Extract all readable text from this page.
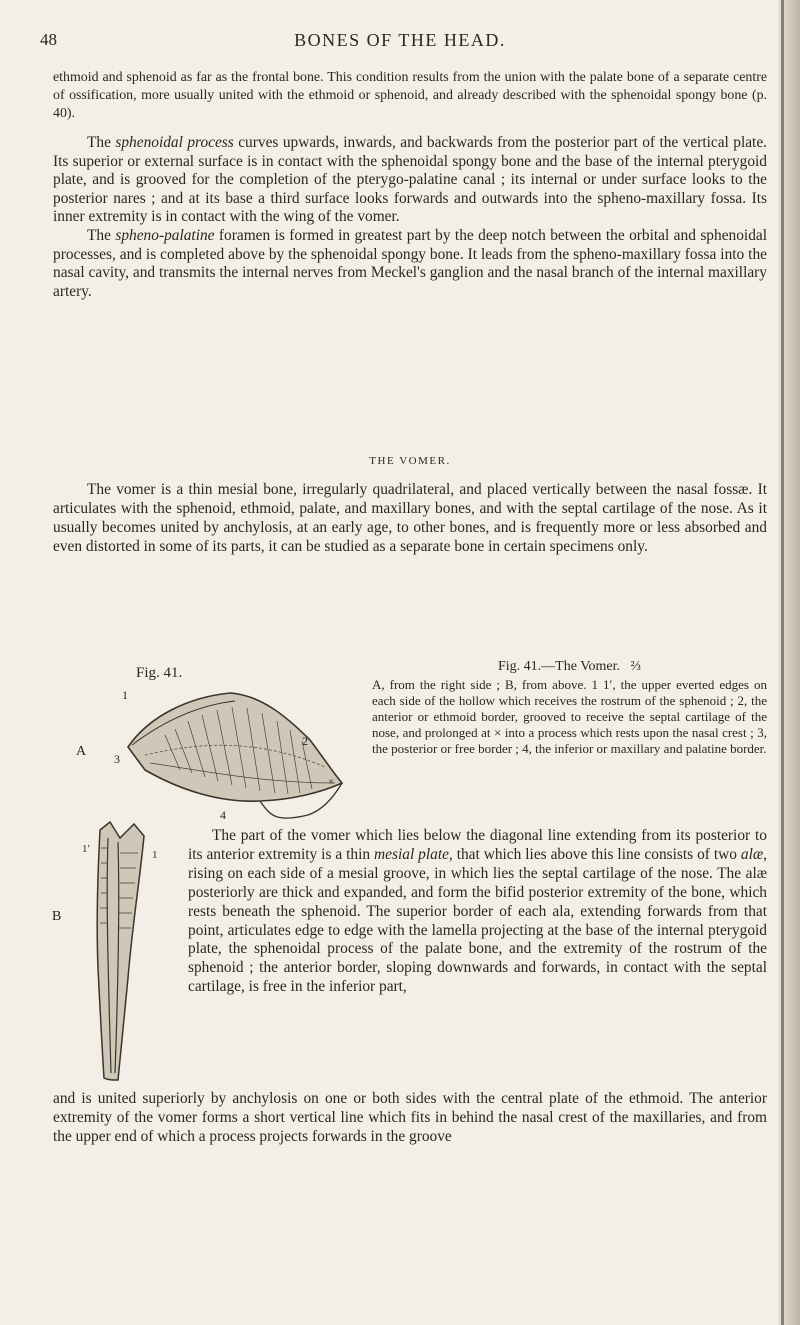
48	BONES OF THE HEAD.

ethmoid and sphenoid as far as the frontal bone. This condition results from the union with the palate bone of a separate centre of ossification, more usually united with the ethmoid or sphenoid, and already described with the sphenoidal spongy bone (p. 40).

The sphenoidal process curves upwards, inwards, and backwards from the posterior part of the vertical plate. Its superior or external surface is in contact with the sphenoidal spongy bone and the base of the internal pterygoid plate, and is grooved for the completion of the pterygo-palatine canal ; its internal or under surface looks to the posterior nares ; and at its base a third surface looks forwards and outwards into the spheno-maxillary fossa. Its inner extremity is in contact with the wing of the vomer.

The spheno-palatine foramen is formed in greatest part by the deep notch between the orbital and sphenoidal processes, and is completed above by the sphenoidal spongy bone. It leads from the spheno-maxillary fossa into the nasal cavity, and transmits the internal nerves from Meckel's ganglion and the nasal branch of the internal maxillary artery.

THE VOMER.

The vomer is a thin mesial bone, irregularly quadrilateral, and placed vertically between the nasal fossæ. It articulates with the sphenoid, ethmoid, palate, and maxillary bones, and with the septal cartilage of the nose. As it usually becomes united by anchylosis, at an early age, to other bones, and is frequently more or less absorbed and even distorted in some of its parts, it can be studied as a separate bone in certain specimens only.

Fig. 41.	Fig. 41.—The Vomer. ⅔
A, from the right side ; B, from above. 1 1′, the upper everted edges on each side of the hollow which receives the rostrum of the sphenoid ; 2, the anterior or ethmoid border, grooved to receive the septal cartilage of the nose, and prolonged at × into a process which rests upon the nasal crest ; 3, the posterior or free border ; 4, the inferior or maxillary and palatine border.
A
1
2
3
4
×
B
1′	1

The part of the vomer which lies below the diagonal line extending from its posterior to its anterior extremity is a thin mesial plate, that which lies above this line consists of two alæ, rising on each side of a mesial groove, in which lies the septal cartilage of the nose. The alæ posteriorly are thick and expanded, and form the bifid posterior extremity of the bone, which rests beneath the sphenoid. The superior border of each ala, extending forwards from that point, articulates edge to edge with the lamella projecting at the base of the internal pterygoid plate, the sphenoidal process of the palate bone, and the extremity of the rostrum of the sphenoid ; the anterior border, sloping downwards and forwards, in contact with the septal cartilage, is free in the inferior part,

and is united superiorly by anchylosis on one or both sides with the central plate of the ethmoid. The anterior extremity of the vomer forms a short vertical line which fits in behind the nasal crest of the maxillaries, and from the upper end of which a process projects forwards in the groove
